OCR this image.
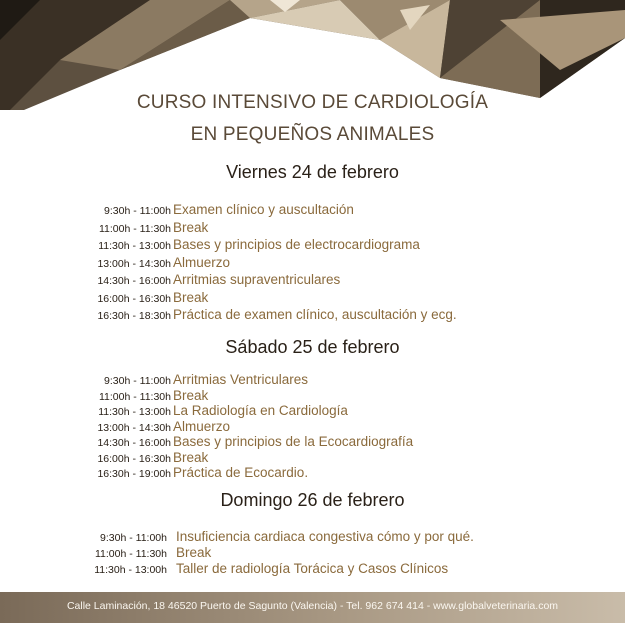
CURSO INTENSIVO DE CARDIOLOGÍA
EN PEQUEÑOS ANIMALES
Viernes 24 de febrero
9:30h - 11:00h Examen clínico y auscultación
11:00h - 11:30h Break
11:30h - 13:00h Bases y principios de electrocardiograma
13:00h - 14:30h Almuerzo
14:30h - 16:00h Arritmias supraventriculares
16:00h - 16:30h Break
16:30h - 18:30h Práctica de examen clínico, auscultación y ecg.
Sábado 25 de febrero
9:30h - 11:00h Arritmias Ventriculares
11:00h - 11:30h Break
11:30h - 13:00h La Radiología en Cardiología
13:00h - 14:30h Almuerzo
14:30h - 16:00h Bases y principios de la Ecocardiografía
16:00h - 16:30h Break
16:30h - 19:00h Práctica de Ecocardio.
Domingo 26 de febrero
9:30h - 11:00h Insuficiencia cardiaca congestiva cómo y por qué.
11:00h - 11:30h Break
11:30h - 13:00h Taller de radiología Torácica y Casos Clínicos
Calle Laminación, 18 46520 Puerto de Sagunto (Valencia) - Tel. 962 674 414 - www.globalveterinaria.com
